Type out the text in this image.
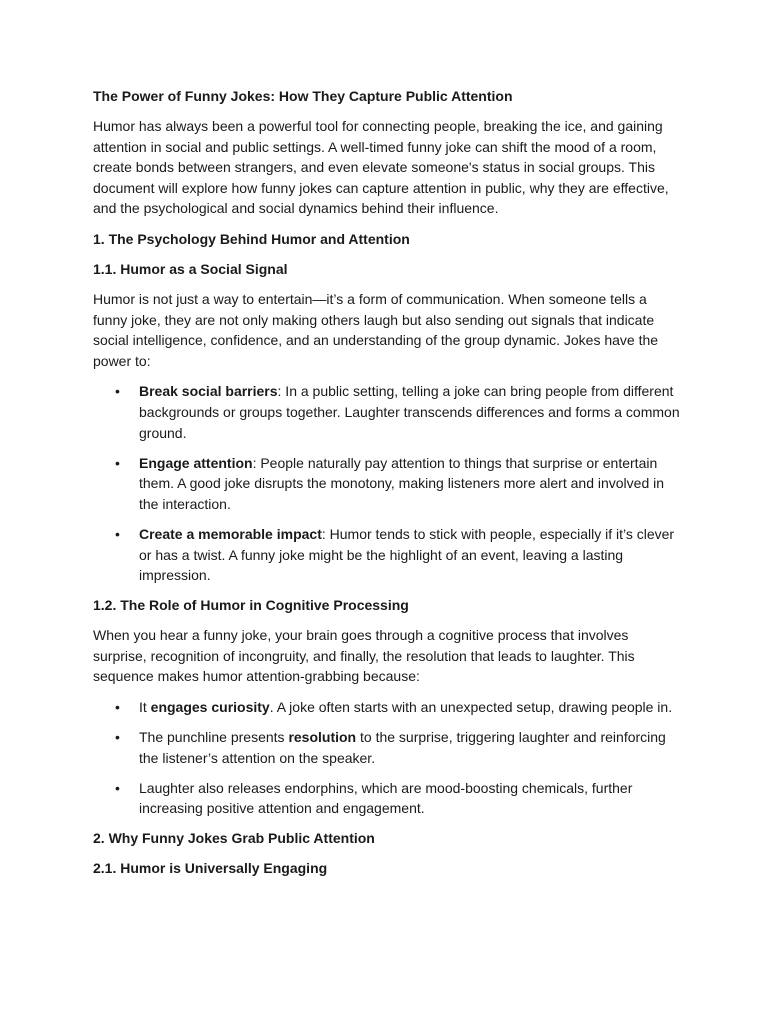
The Power of Funny Jokes: How They Capture Public Attention
Humor has always been a powerful tool for connecting people, breaking the ice, and gaining attention in social and public settings. A well-timed funny joke can shift the mood of a room, create bonds between strangers, and even elevate someone's status in social groups. This document will explore how funny jokes can capture attention in public, why they are effective, and the psychological and social dynamics behind their influence.
1. The Psychology Behind Humor and Attention
1.1. Humor as a Social Signal
Humor is not just a way to entertain—it’s a form of communication. When someone tells a funny joke, they are not only making others laugh but also sending out signals that indicate social intelligence, confidence, and an understanding of the group dynamic. Jokes have the power to:
• Break social barriers: In a public setting, telling a joke can bring people from different backgrounds or groups together. Laughter transcends differences and forms a common ground.
• Engage attention: People naturally pay attention to things that surprise or entertain them. A good joke disrupts the monotony, making listeners more alert and involved in the interaction.
• Create a memorable impact: Humor tends to stick with people, especially if it’s clever or has a twist. A funny joke might be the highlight of an event, leaving a lasting impression.
1.2. The Role of Humor in Cognitive Processing
When you hear a funny joke, your brain goes through a cognitive process that involves surprise, recognition of incongruity, and finally, the resolution that leads to laughter. This sequence makes humor attention-grabbing because:
• It engages curiosity. A joke often starts with an unexpected setup, drawing people in.
• The punchline presents resolution to the surprise, triggering laughter and reinforcing the listener’s attention on the speaker.
• Laughter also releases endorphins, which are mood-boosting chemicals, further increasing positive attention and engagement.
2. Why Funny Jokes Grab Public Attention
2.1. Humor is Universally Engaging
